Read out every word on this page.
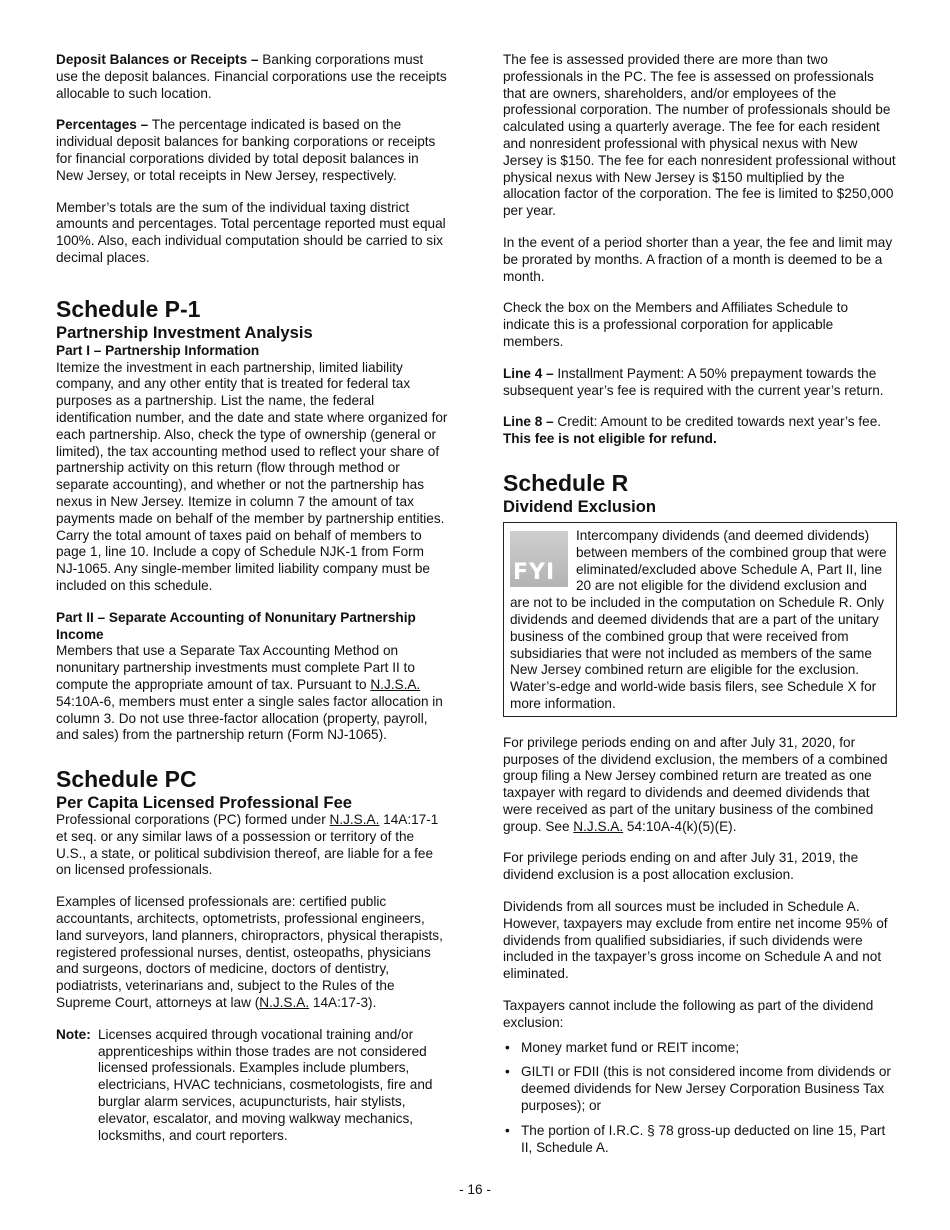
Deposit Balances or Receipts – Banking corporations must use the deposit balances. Financial corporations use the receipts allocable to such location.

Percentages – The percentage indicated is based on the individual deposit balances for banking corporations or receipts for financial corporations divided by total deposit balances in New Jersey, or total receipts in New Jersey, respectively.

Member’s totals are the sum of the individual taxing district amounts and percentages. Total percentage reported must equal 100%. Also, each individual computation should be carried to six decimal places.

Schedule P-1
Partnership Investment Analysis
Part I – Partnership Information

Itemize the investment in each partnership, limited liability company, and any other entity that is treated for federal tax purposes as a partnership. List the name, the federal identification number, and the date and state where organized for each partnership. Also, check the type of ownership (general or limited), the tax accounting method used to reflect your share of partnership activity on this return (flow through method or separate accounting), and whether or not the partnership has nexus in New Jersey. Itemize in column 7 the amount of tax payments made on behalf of the member by partnership entities. Carry the total amount of taxes paid on behalf of members to page 1, line 10. Include a copy of Schedule NJK-1 from Form NJ-1065. Any single-member limited liability company must be included on this schedule.

Part II – Separate Accounting of Nonunitary Partnership Income

Members that use a Separate Tax Accounting Method on nonunitary partnership investments must complete Part II to compute the appropriate amount of tax. Pursuant to N.J.S.A. 54:10A-6, members must enter a single sales factor allocation in column 3. Do not use three-factor allocation (property, payroll, and sales) from the partnership return (Form NJ-1065).

Schedule PC
Per Capita Licensed Professional Fee

Professional corporations (PC) formed under N.J.S.A. 14A:17-1 et seq. or any similar laws of a possession or territory of the U.S., a state, or political subdivision thereof, are liable for a fee on licensed professionals.

Examples of licensed professionals are: certified public accountants, architects, optometrists, professional engineers, land surveyors, land planners, chiropractors, physical therapists, registered professional nurses, dentist, osteopaths, physicians and surgeons, doctors of medicine, doctors of dentistry, podiatrists, veterinarians and, subject to the Rules of the Supreme Court, attorneys at law (N.J.S.A. 14A:17-3).

Note: Licenses acquired through vocational training and/or apprenticeships within those trades are not considered licensed professionals. Examples include plumbers, electricians, HVAC technicians, cosmetologists, fire and burglar alarm services, acupuncturists, hair stylists, elevator, escalator, and moving walkway mechanics, locksmiths, and court reporters.

The fee is assessed provided there are more than two professionals in the PC. The fee is assessed on professionals that are owners, shareholders, and/or employees of the professional corporation. The number of professionals should be calculated using a quarterly average. The fee for each resident and nonresident professional with physical nexus with New Jersey is $150. The fee for each nonresident professional without physical nexus with New Jersey is $150 multiplied by the allocation factor of the corporation. The fee is limited to $250,000 per year.

In the event of a period shorter than a year, the fee and limit may be prorated by months. A fraction of a month is deemed to be a month.

Check the box on the Members and Affiliates Schedule to indicate this is a professional corporation for applicable members.

Line 4 – Installment Payment: A 50% prepayment towards the subsequent year’s fee is required with the current year’s return.

Line 8 – Credit: Amount to be credited towards next year’s fee. This fee is not eligible for refund.

Schedule R
Dividend Exclusion
FYI
Intercompany dividends (and deemed dividends) between members of the combined group that were eliminated/excluded above Schedule A, Part II, line 20 are not eligible for the dividend exclusion and are not to be included in the computation on Schedule R. Only dividends and deemed dividends that are a part of the unitary business of the combined group that were received from subsidiaries that were not included as members of the same New Jersey combined return are eligible for the exclusion. Water’s-edge and world-wide basis filers, see Schedule X for more information.

For privilege periods ending on and after July 31, 2020, for purposes of the dividend exclusion, the members of a combined group filing a New Jersey combined return are treated as one taxpayer with regard to dividends and deemed dividends that were received as part of the unitary business of the combined group. See N.J.S.A. 54:10A-4(k)(5)(E).

For privilege periods ending on and after July 31, 2019, the dividend exclusion is a post allocation exclusion.

Dividends from all sources must be included in Schedule A. However, taxpayers may exclude from entire net income 95% of dividends from qualified subsidiaries, if such dividends were included in the taxpayer’s gross income on Schedule A and not eliminated.

Taxpayers cannot include the following as part of the dividend exclusion:

• Money market fund or REIT income;
• GILTI or FDII (this is not considered income from dividends or deemed dividends for New Jersey Corporation Business Tax purposes); or
• The portion of I.R.C. § 78 gross-up deducted on line 15, Part II, Schedule A.
- 16 -
